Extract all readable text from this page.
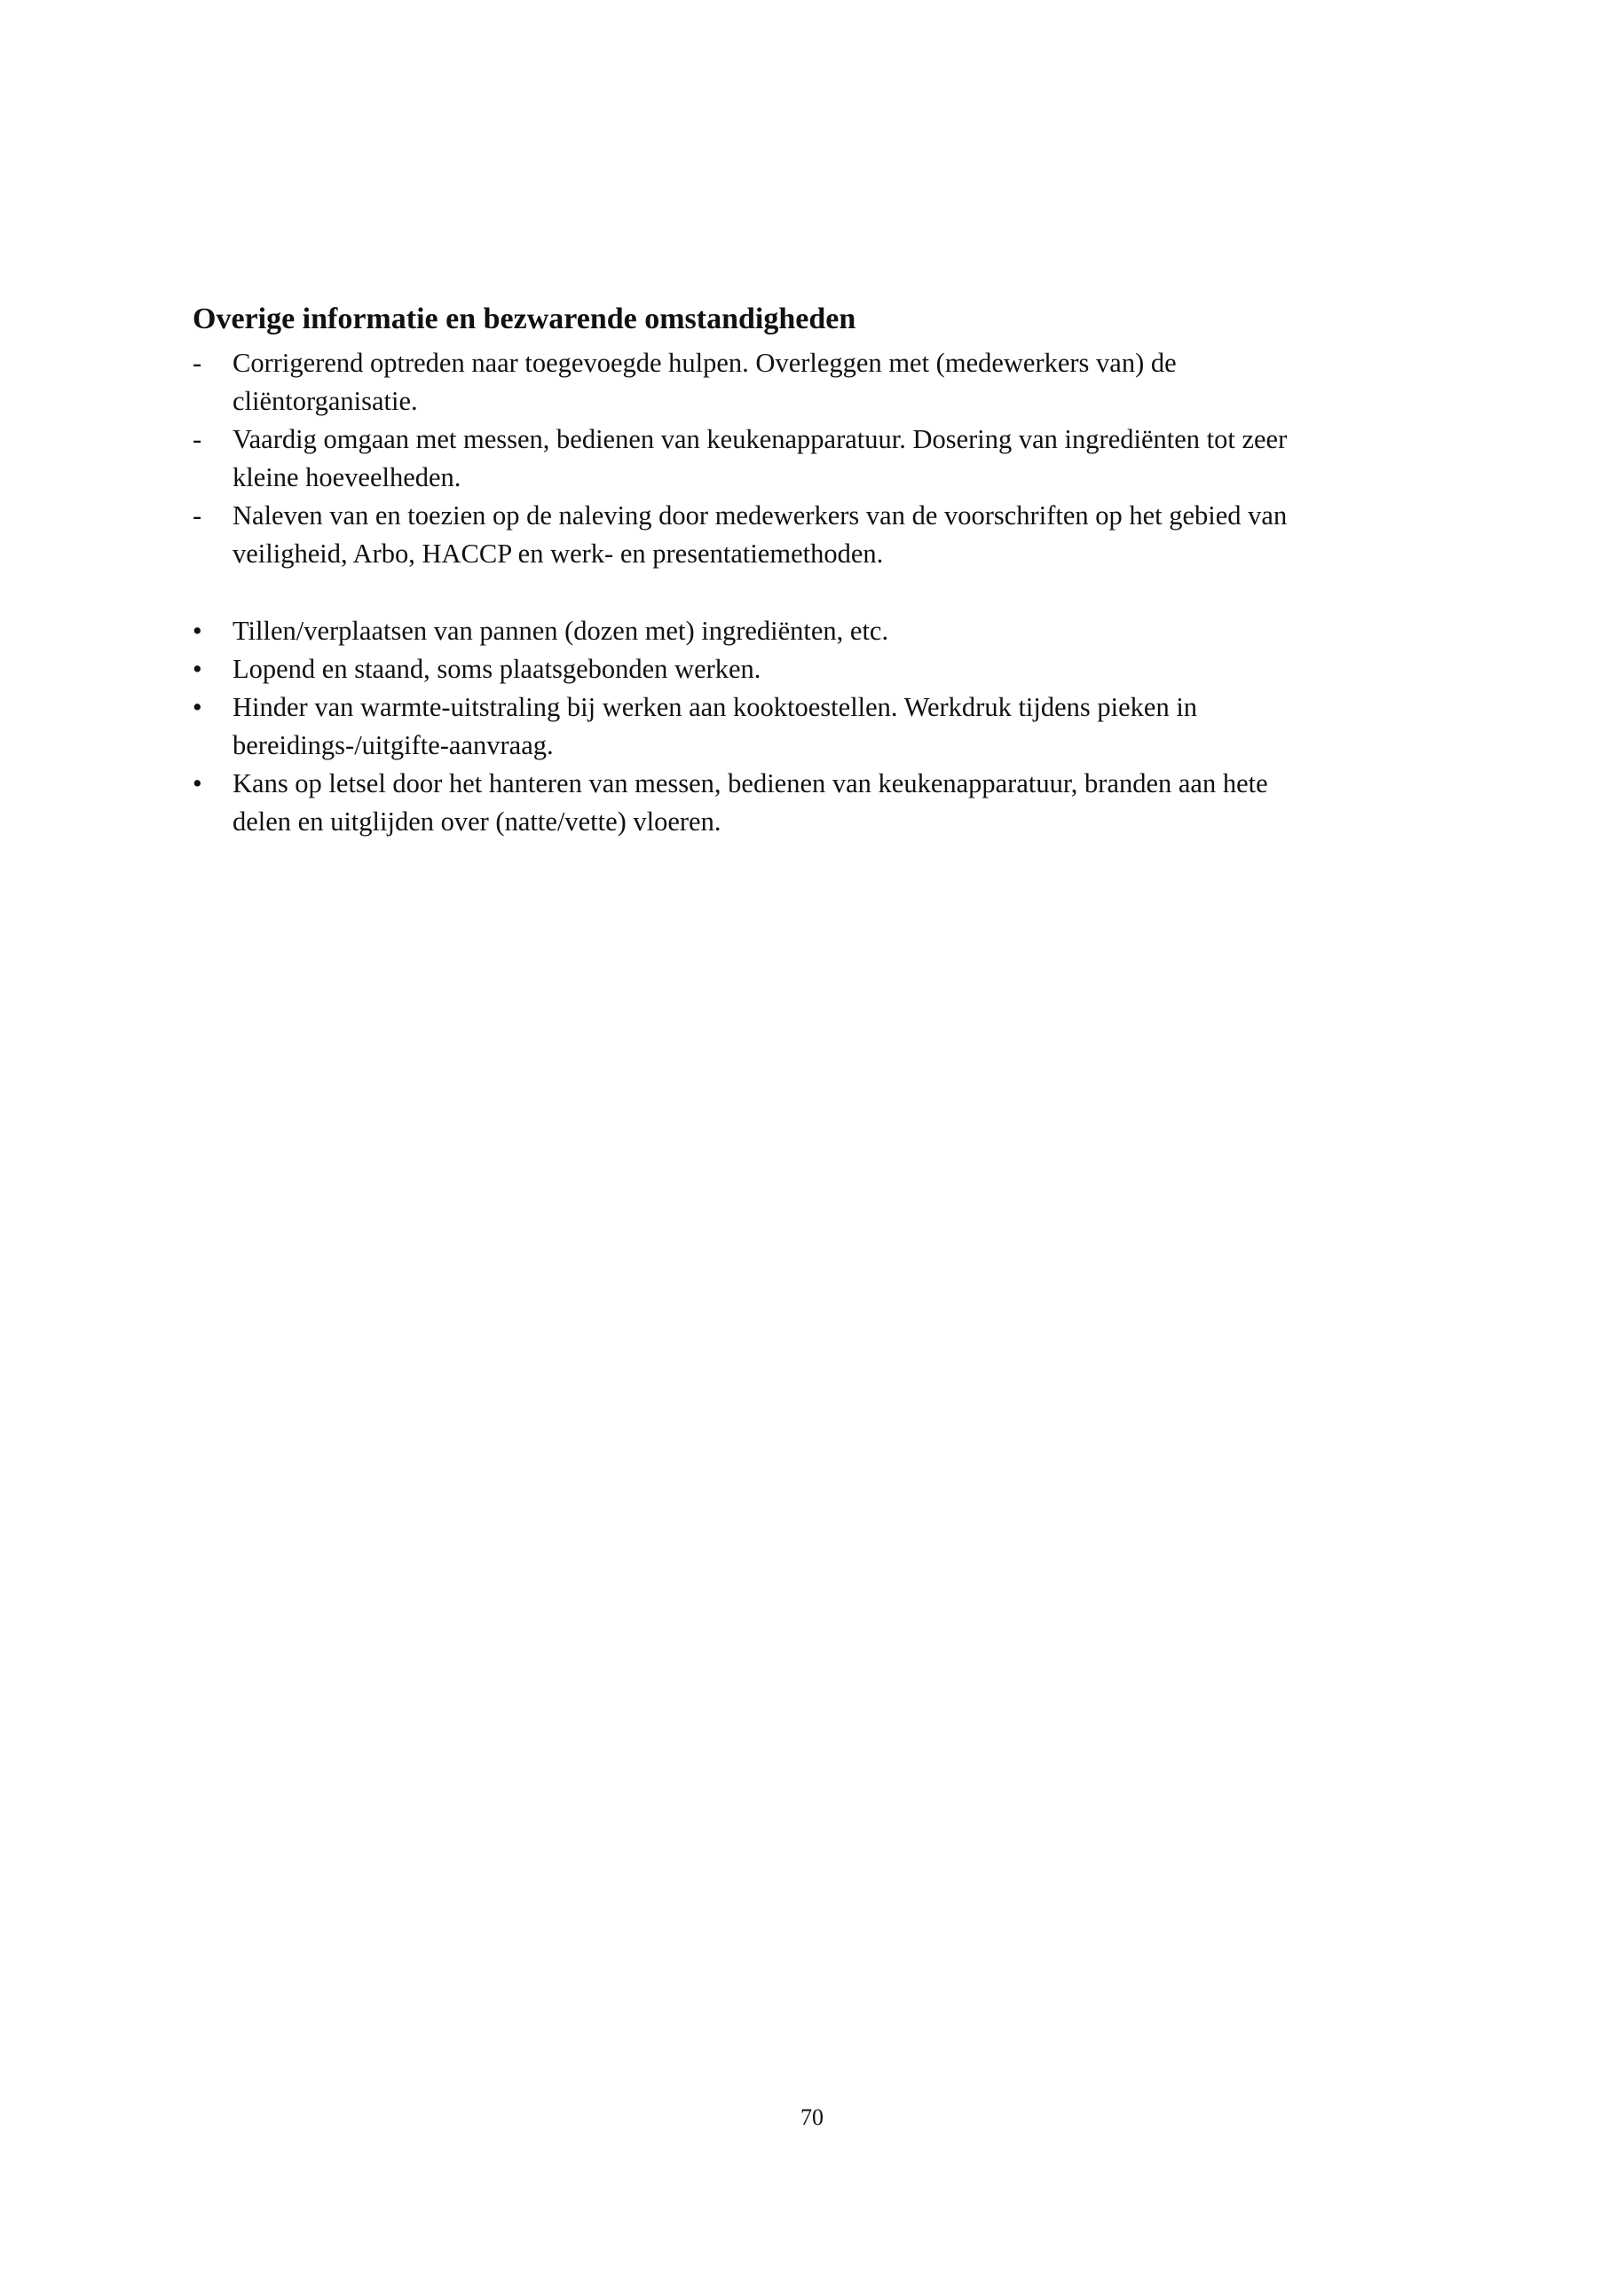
Overige informatie en bezwarende omstandigheden
-	Corrigerend optreden naar toegevoegde hulpen. Overleggen met (medewerkers van) de
cliëntorganisatie.
-	Vaardig omgaan met messen, bedienen van keukenapparatuur. Dosering van ingrediënten tot zeer
kleine hoeveelheden.
-	Naleven van en toezien op de naleving door medewerkers van de voorschriften op het gebied van
veiligheid, Arbo, HACCP en werk- en presentatiemethoden.
•	Tillen/verplaatsen van pannen (dozen met) ingrediënten, etc.
•	Lopend en staand, soms plaatsgebonden werken.
•	Hinder van warmte-uitstraling bij werken aan kooktoestellen. Werkdruk tijdens pieken in
bereidings-/uitgifte-aanvraag.
•	Kans op letsel door het hanteren van messen, bedienen van keukenapparatuur, branden aan hete
delen en uitglijden over (natte/vette) vloeren.
70
